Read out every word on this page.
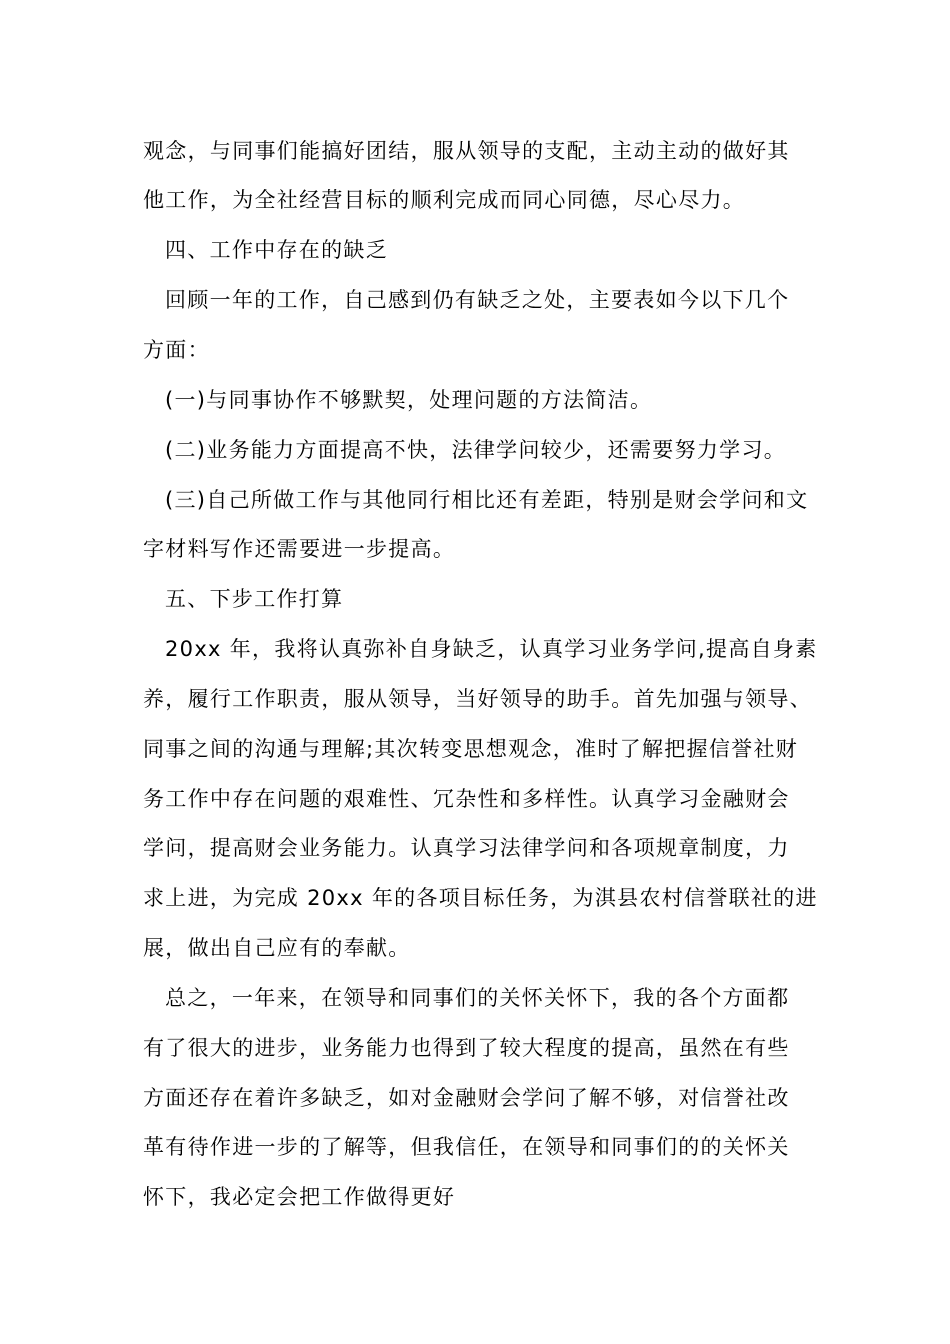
观念，与同事们能搞好团结，服从领导的支配，主动主动的做好其
他工作，为全社经营目标的顺利完成而同心同德，尽心尽力。
四、工作中存在的缺乏
回顾一年的工作，自己感到仍有缺乏之处，主要表如今以下几个
方面：
(一)与同事协作不够默契，处理问题的方法简洁。
(二)业务能力方面提高不快，法律学问较少，还需要努力学习。
(三)自己所做工作与其他同行相比还有差距，特别是财会学问和文
字材料写作还需要进一步提高。
五、下步工作打算
20xx 年，我将认真弥补自身缺乏，认真学习业务学问,提高自身素
养，履行工作职责，服从领导，当好领导的助手。首先加强与领导、
同事之间的沟通与理解;其次转变思想观念，准时了解把握信誉社财
务工作中存在问题的艰难性、冗杂性和多样性。认真学习金融财会
学问，提高财会业务能力。认真学习法律学问和各项规章制度，力
求上进，为完成 20xx 年的各项目标任务，为淇县农村信誉联社的进
展，做出自己应有的奉献。
总之，一年来，在领导和同事们的关怀关怀下，我的各个方面都
有了很大的进步，业务能力也得到了较大程度的提高，虽然在有些
方面还存在着许多缺乏，如对金融财会学问了解不够，对信誉社改
革有待作进一步的了解等，但我信任，在领导和同事们的的关怀关
怀下，我必定会把工作做得更好
